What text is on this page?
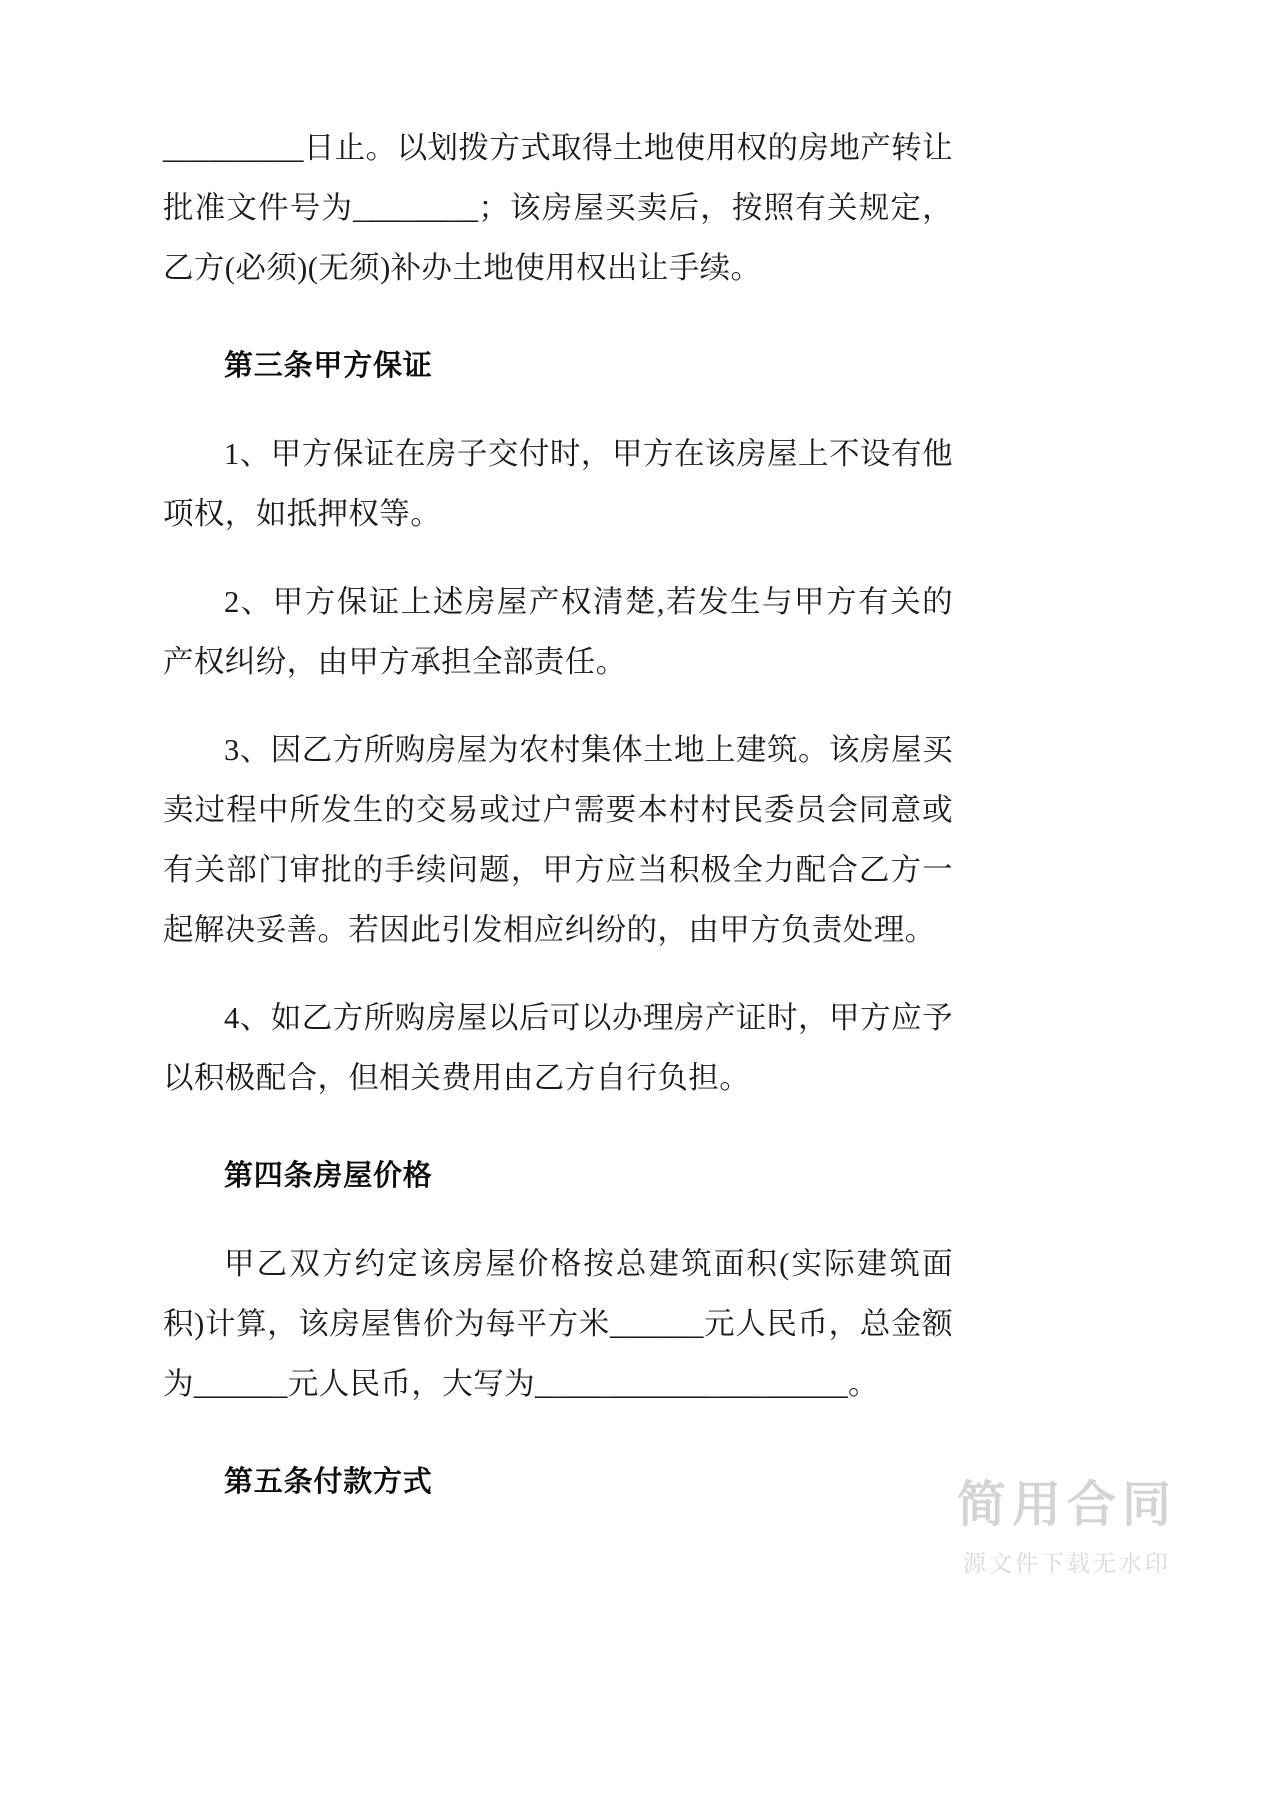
_________日止。以划拨方式取得土地使用权的房地产转让批准文件号为________；该房屋买卖后，按照有关规定，乙方(必须)(无须)补办土地使用权出让手续。

第三条甲方保证

1、甲方保证在房子交付时，甲方在该房屋上不设有他项权，如抵押权等。

2、甲方保证上述房屋产权清楚,若发生与甲方有关的产权纠纷，由甲方承担全部责任。

3、因乙方所购房屋为农村集体土地上建筑。该房屋买卖过程中所发生的交易或过户需要本村村民委员会同意或有关部门审批的手续问题，甲方应当积极全力配合乙方一起解决妥善。若因此引发相应纠纷的，由甲方负责处理。

4、如乙方所购房屋以后可以办理房产证时，甲方应予以积极配合，但相关费用由乙方自行负担。

第四条房屋价格

甲乙双方约定该房屋价格按总建筑面积(实际建筑面积)计算，该房屋售价为每平方米______元人民币，总金额为______元人民币，大写为____________________。

第五条付款方式	简用合同
源文件下载无水印
